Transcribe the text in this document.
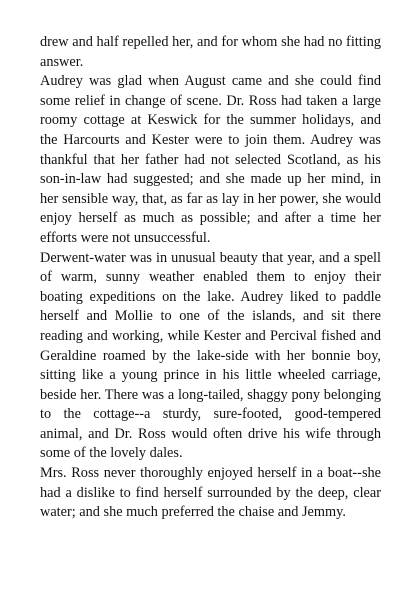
drew and half repelled her, and for whom she had no fitting answer.

Audrey was glad when August came and she could find some relief in change of scene. Dr. Ross had taken a large roomy cottage at Keswick for the summer holidays, and the Harcourts and Kester were to join them. Audrey was thankful that her father had not selected Scotland, as his son-in-law had suggested; and she made up her mind, in her sensible way, that, as far as lay in her power, she would enjoy herself as much as possible; and after a time her efforts were not unsuccessful.

Derwent-water was in unusual beauty that year, and a spell of warm, sunny weather enabled them to enjoy their boating expeditions on the lake. Audrey liked to paddle herself and Mollie to one of the islands, and sit there reading and working, while Kester and Percival fished and Geraldine roamed by the lake-side with her bonnie boy, sitting like a young prince in his little wheeled carriage, beside her. There was a long-tailed, shaggy pony belonging to the cottage--a sturdy, sure-footed, good-tempered animal, and Dr. Ross would often drive his wife through some of the lovely dales.

Mrs. Ross never thoroughly enjoyed herself in a boat--she had a dislike to find herself surrounded by the deep, clear water; and she much preferred the chaise and Jemmy.
